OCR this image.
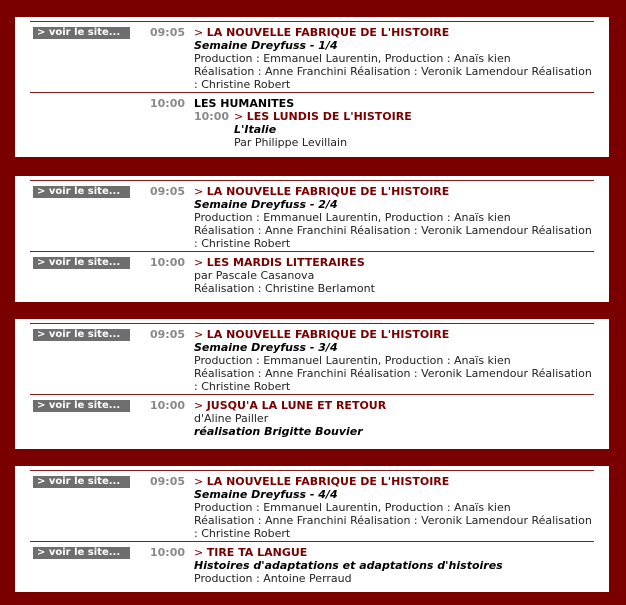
> voir le site...	09:05 > LA NOUVELLE FABRIQUE DE L'HISTOIRE
Semaine Dreyfuss - 1/4
Production : Emmanuel Laurentin, Production : Anaïs kien
Réalisation : Anne Franchini Réalisation : Veronik Lamendour Réalisation : Christine Robert
10:00 LES HUMANITES
10:00 > LES LUNDIS DE L'HISTOIRE
L'Italie
Par Philippe Levillain
> voir le site...	09:05 > LA NOUVELLE FABRIQUE DE L'HISTOIRE
Semaine Dreyfuss - 2/4
Production : Emmanuel Laurentin, Production : Anaïs kien
Réalisation : Anne Franchini Réalisation : Veronik Lamendour Réalisation : Christine Robert
> voir le site...	10:00 > LES MARDIS LITTERAIRES
par Pascale Casanova
Réalisation : Christine Berlamont
> voir le site...	09:05 > LA NOUVELLE FABRIQUE DE L'HISTOIRE
Semaine Dreyfuss - 3/4
Production : Emmanuel Laurentin, Production : Anaïs kien
Réalisation : Anne Franchini Réalisation : Veronik Lamendour Réalisation : Christine Robert
> voir le site...	10:00 > JUSQU'A LA LUNE ET RETOUR
d'Aline Pailler
réalisation Brigitte Bouvier
> voir le site...	09:05 > LA NOUVELLE FABRIQUE DE L'HISTOIRE
Semaine Dreyfuss - 4/4
Production : Emmanuel Laurentin, Production : Anaïs kien
Réalisation : Anne Franchini Réalisation : Veronik Lamendour Réalisation : Christine Robert
> voir le site...	10:00 > TIRE TA LANGUE
Histoires d'adaptations et adaptations d'histoires
Production : Antoine Perraud
